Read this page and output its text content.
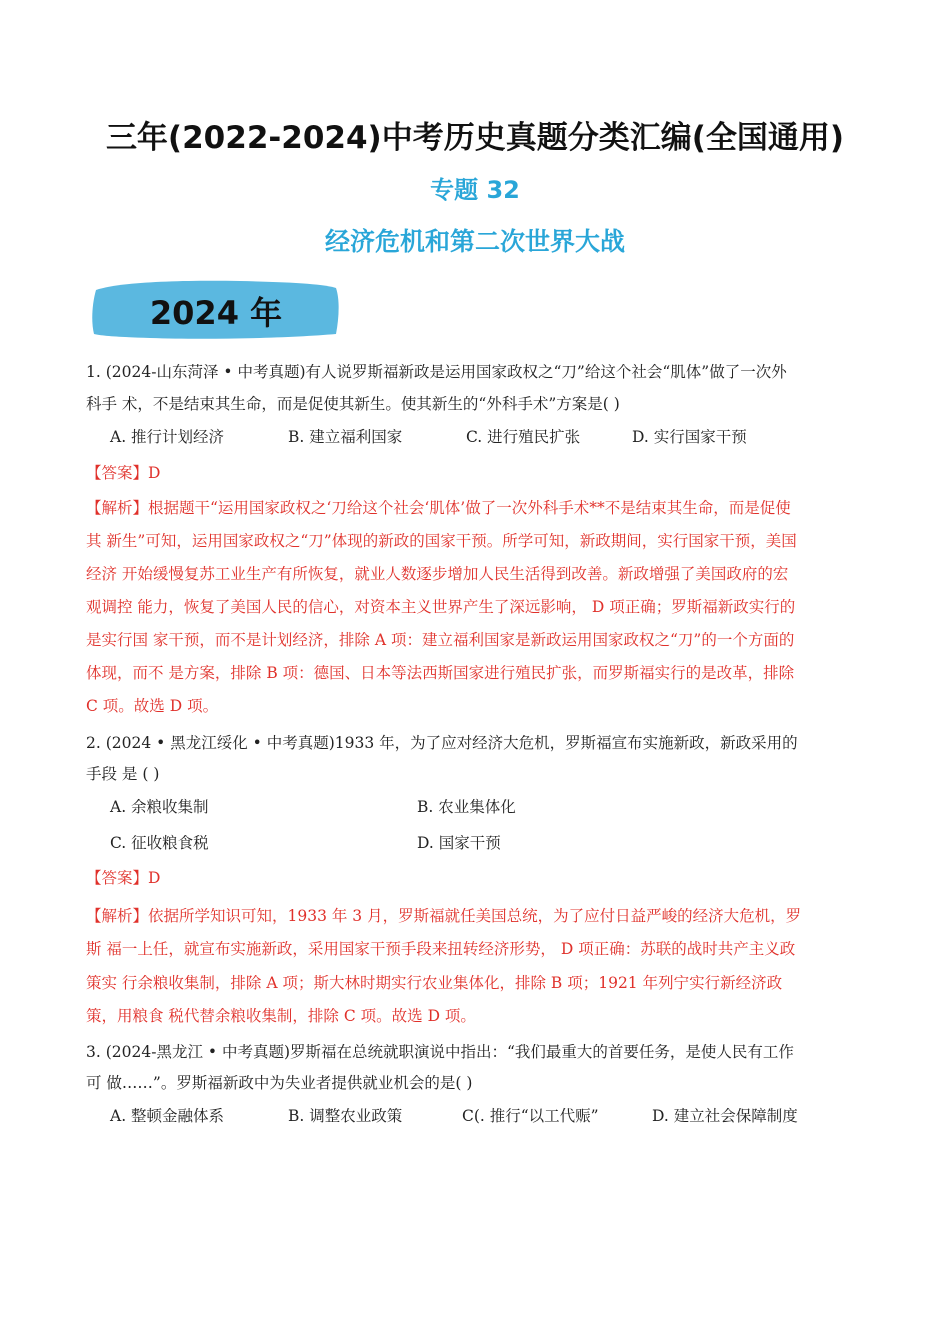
三年(2022-2024)中考历史真题分类汇编(全国通用)
专题 32
经济危机和第二次世界大战
2024 年
1. (2024-山东菏泽 • 中考真题)有人说罗斯福新政是运用国家政权之“刀”给这个社会“肌体”做了一次外
科手 术，不是结束其生命，而是促使其新生。使其新生的“外科手术”方案是( )
A. 推行计划经济	B. 建立福利国家	C. 进行殖民扩张	D. 实行国家干预
【答案】D
【解析】根据题干“运用国家政权之‘刀给这个社会‘肌体’做了一次外科手术**不是结束其生命，而是促使
其 新生”可知，运用国家政权之“刀”体现的新政的国家干预。所学可知，新政期间，实行国家干预，美国
经济 开始缓慢复苏工业生产有所恢复，就业人数逐步增加人民生活得到改善。新政增强了美国政府的宏
观调控 能力，恢复了美国人民的信心，对资本主义世界产生了深远影响， D 项正确；罗斯福新政实行的
是实行国 家干预，而不是计划经济，排除 A 项：建立福利国家是新政运用国家政权之“刀”的一个方面的
体现，而不 是方案，排除 B 项：德国、日本等法西斯国家进行殖民扩张，而罗斯福实行的是改革，排除
C 项。故选 D 项。
2. (2024 • 黑龙江绥化 • 中考真题)1933 年，为了应对经济大危机，罗斯福宣布实施新政，新政采用的
手段 是 ( )
A. 余粮收集制	B. 农业集体化
C. 征收粮食税	D. 国家干预
【答案】D
【解析】依据所学知识可知，1933 年 3 月，罗斯福就任美国总统，为了应付日益严峻的经济大危机，罗
斯 福一上任，就宣布实施新政，采用国家干预手段来扭转经济形势， D 项正确：苏联的战时共产主义政
策实 行余粮收集制，排除 A 项；斯大林时期实行农业集体化，排除 B 项；1921 年列宁实行新经济政
策，用粮食 税代替余粮收集制，排除 C 项。故选 D 项。
3. (2024-黑龙江 • 中考真题)罗斯福在总统就职演说中指出：“我们最重大的首要任务，是使人民有工作
可 做……”。罗斯福新政中为失业者提供就业机会的是( )
A. 整顿金融体系	B. 调整农业政策	C(. 推行“以工代赈”	D. 建立社会保障制度
